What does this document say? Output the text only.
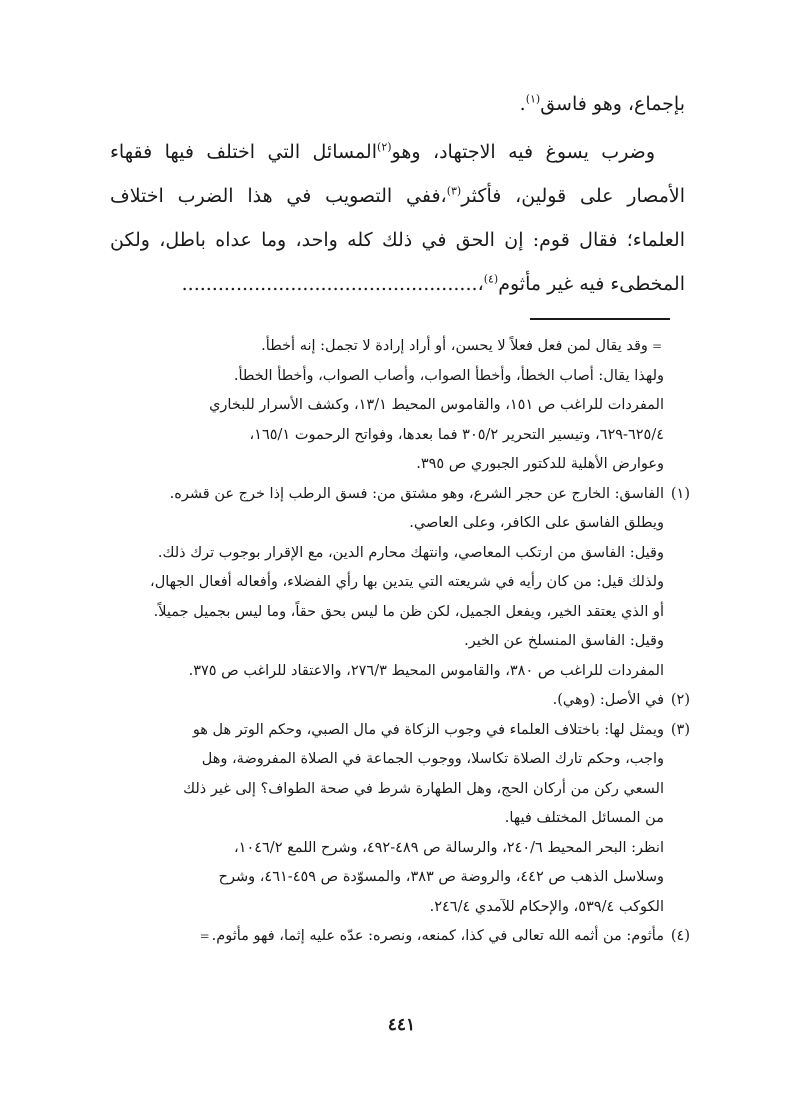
بإجماع، وهو فاسق$^{(١)}$.

وضرب يسوغ فيه الاجتهاد، وهو$^{(٢)}$المسائل التي اختلف فيها فقهاء الأمصار على قولين، فأكثر$^{(٣)}$،ففي التصويب في هذا الضرب اختلاف العلماء؛ فقال قوم: إن الحق في ذلك كله واحد، وما عداه باطل، ولكن المخطىء فيه غير مأثوم$^{(٤)}$،.................................................

=وقد يقال لمن فعل فعلاً لا يحسن، أو أراد إرادة لا تجمل: إنه أخطأ.
ولهذا يقال: أصاب الخطأ، وأخطأ الصواب، وأصاب الصواب، وأخطأ الخطأ.
المفردات للراغب ص ١٥١، والقاموس المحيط ١٣/١، وكشف الأسرار للبخاري
٦٢٥/٤-٦٢٩، وتيسير التحرير ٣٠٥/٢ فما بعدها، وفواتح الرحموت ١٦٥/١،
وعوارض الأهلية للدكتور الجبوري ص ٣٩٥.
(١)الفاسق: الخارج عن حجر الشرع، وهو مشتق من: فسق الرطب إذا خرج عن قشره.
ويطلق الفاسق على الكافر، وعلى العاصي.
وقيل: الفاسق من ارتكب المعاصي، وانتهك محارم الدين، مع الإقرار بوجوب ترك ذلك.
ولذلك قيل: من كان رأيه في شريعته التي يتدين بها رأي الفضلاء، وأفعاله أفعال الجهال،
أو الذي يعتقد الخير، ويفعل الجميل، لكن ظن ما ليس بحق حقاً، وما ليس بجميل جميلاً.
وقيل: الفاسق المنسلخ عن الخير.
المفردات للراغب ص ٣٨٠، والقاموس المحيط ٢٧٦/٣، والاعتقاد للراغب ص ٣٧٥.
(٢)في الأصل: (وهي).
(٣)ويمثل لها: باختلاف العلماء في وجوب الزكاة في مال الصبي، وحكم الوتر هل هو
واجب، وحكم تارك الصلاة تكاسلا، ووجوب الجماعة في الصلاة المفروضة، وهل
السعي ركن من أركان الحج، وهل الطهارة شرط في صحة الطواف؟ إلى غير ذلك
من المسائل المختلف فيها.
انظر: البحر المحيط ٢٤٠/٦، والرسالة ص ٤٨٩-٤٩٢، وشرح اللمع ١٠٤٦/٢،
وسلاسل الذهب ص ٤٤٢، والروضة ص ٣٨٣، والمسوّدة ص ٤٥٩-٤٦١، وشرح
الكوكب ٥٣٩/٤، والإحكام للآمدي ٢٤٦/٤.
(٤)مأثوم: من أثمه الله تعالى في كذا، كمنعه، ونصره: عدّه عليه إثما، فهو مأثوم.=
٤٤١
